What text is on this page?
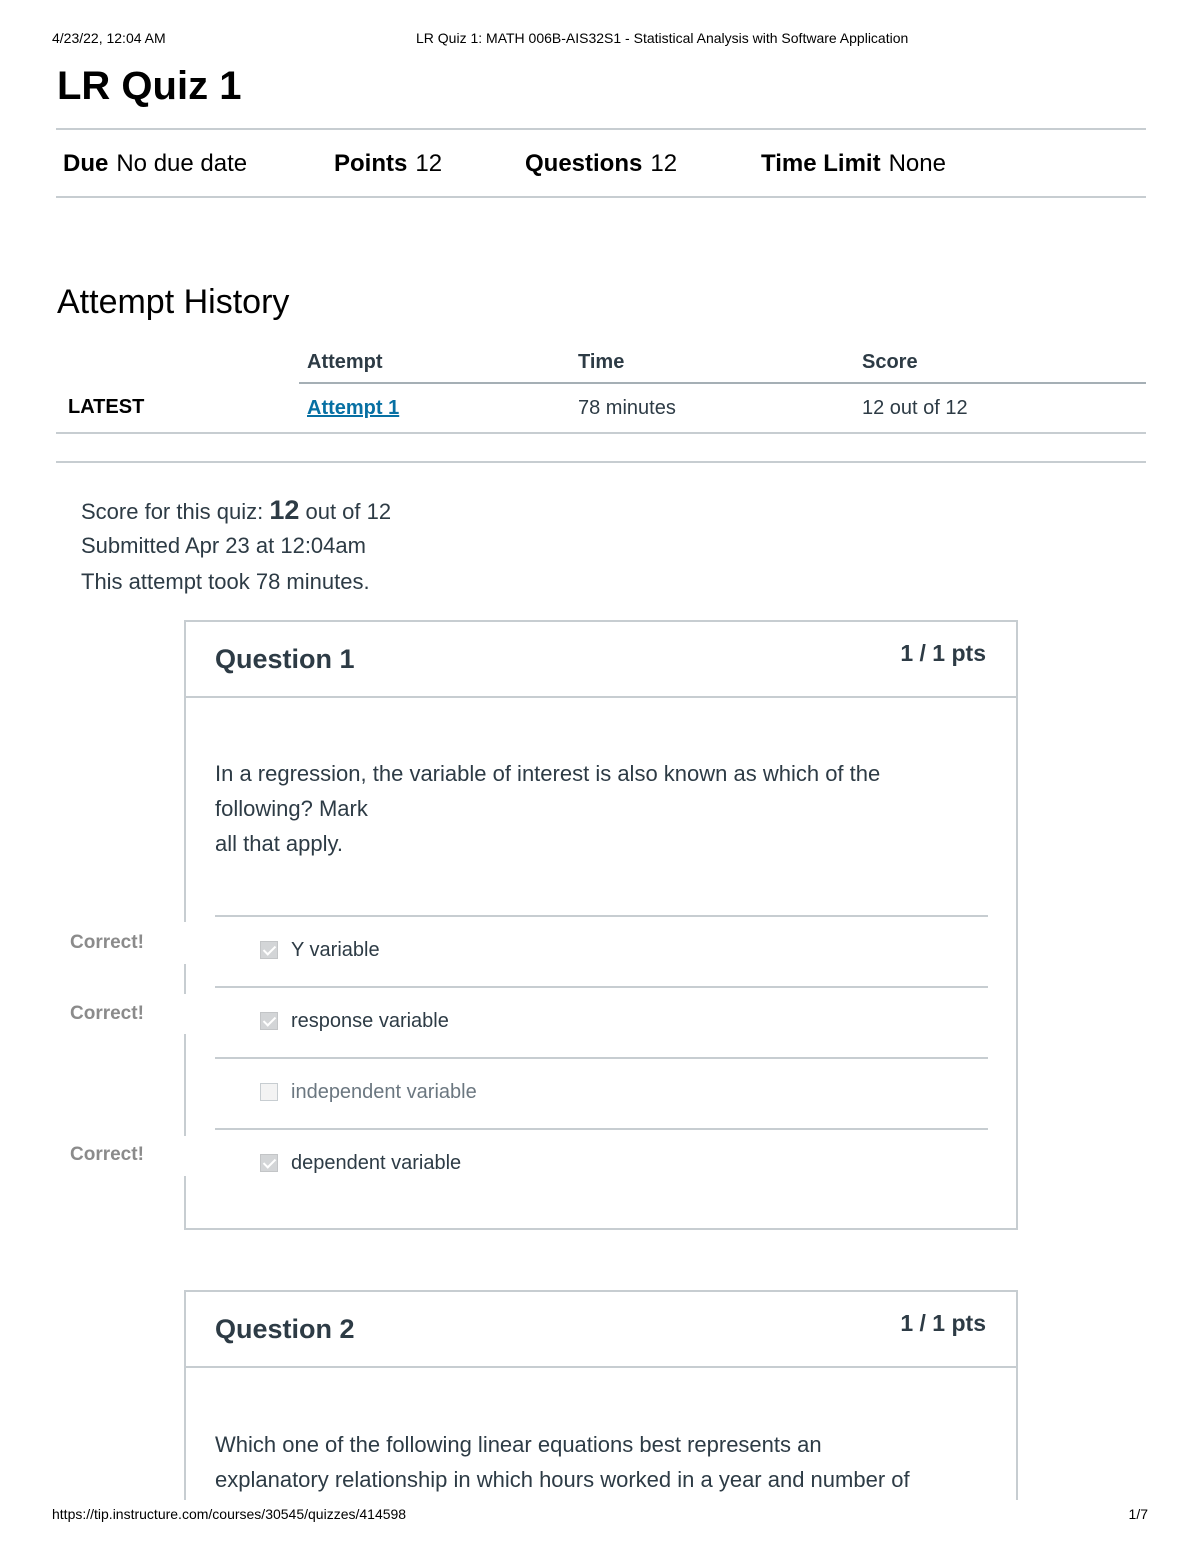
4/23/22, 12:04 AM	LR Quiz 1: MATH 006B-AIS32S1 - Statistical Analysis with Software Application
LR Quiz 1
Due No due date	Points 12	Questions 12	Time Limit None
Attempt History
	Attempt	Time	Score
LATEST	Attempt 1	78 minutes	12 out of 12
Score for this quiz: 12 out of 12
Submitted Apr 23 at 12:04am
This attempt took 78 minutes.
Question 1	1 / 1 pts
In a regression, the variable of interest is also known as which of the
following? Mark
all that apply.
Y variable
response variable
independent variable
dependent variable
Correct!
Correct!
Correct!
Question 2	1 / 1 pts
Which one of the following linear equations best represents an
explanatory relationship in which hours worked in a year and number of
https://tip.instructure.com/courses/30545/quizzes/414598	1/7
